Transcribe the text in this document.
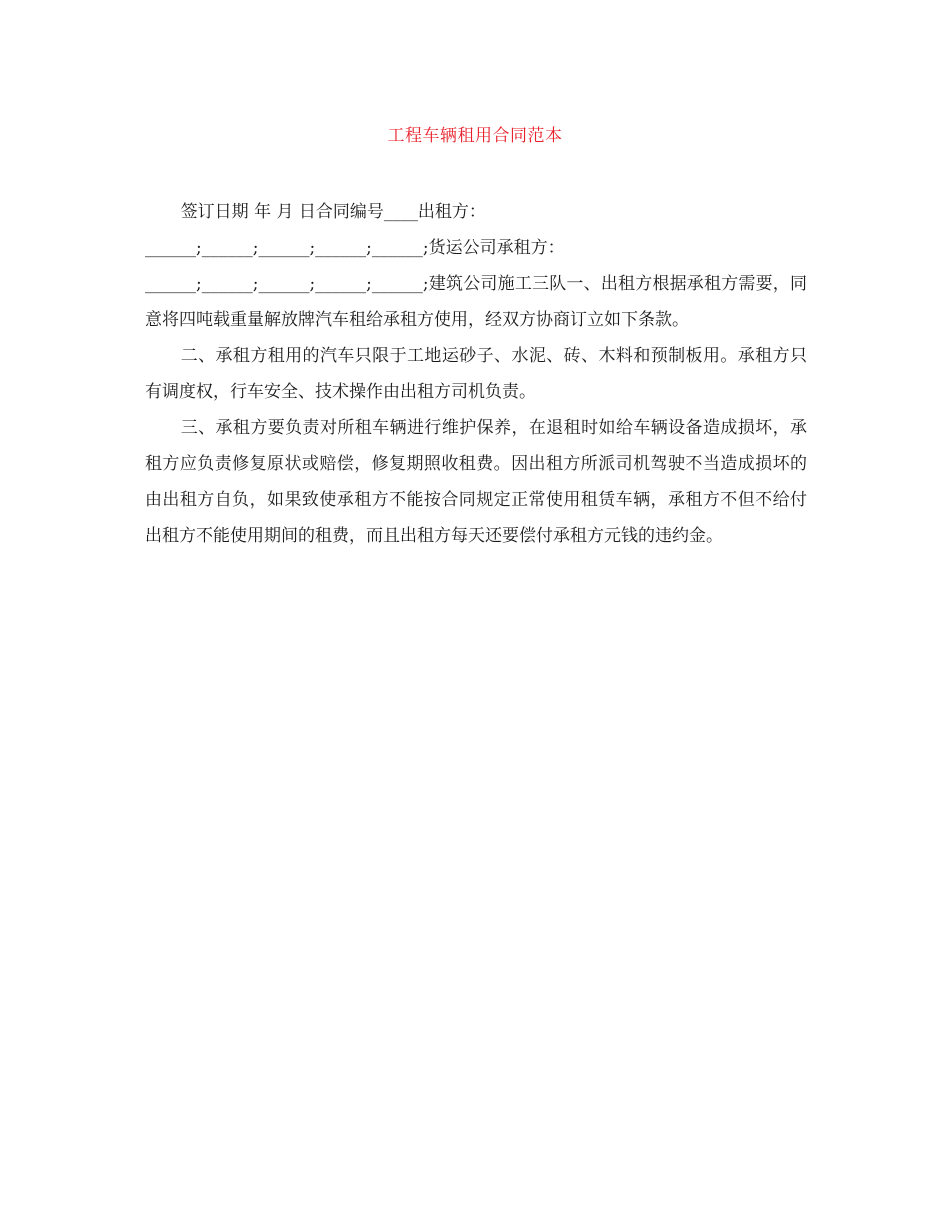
工程车辆租用合同范本

签订日期 年 月 日合同编号____出租方：

______;______;______;______;______;货运公司承租方：

______;______;______;______;______;建筑公司施工三队一、出租方根据承租方需要，同意将四吨载重量解放牌汽车租给承租方使用，经双方协商订立如下条款。

二、承租方租用的汽车只限于工地运砂子、水泥、砖、木料和预制板用。承租方只有调度权，行车安全、技术操作由出租方司机负责。

三、承租方要负责对所租车辆进行维护保养，在退租时如给车辆设备造成损坏，承租方应负责修复原状或赔偿，修复期照收租费。因出租方所派司机驾驶不当造成损坏的由出租方自负，如果致使承租方不能按合同规定正常使用租赁车辆，承租方不但不给付出租方不能使用期间的租费，而且出租方每天还要偿付承租方元钱的违约金。
